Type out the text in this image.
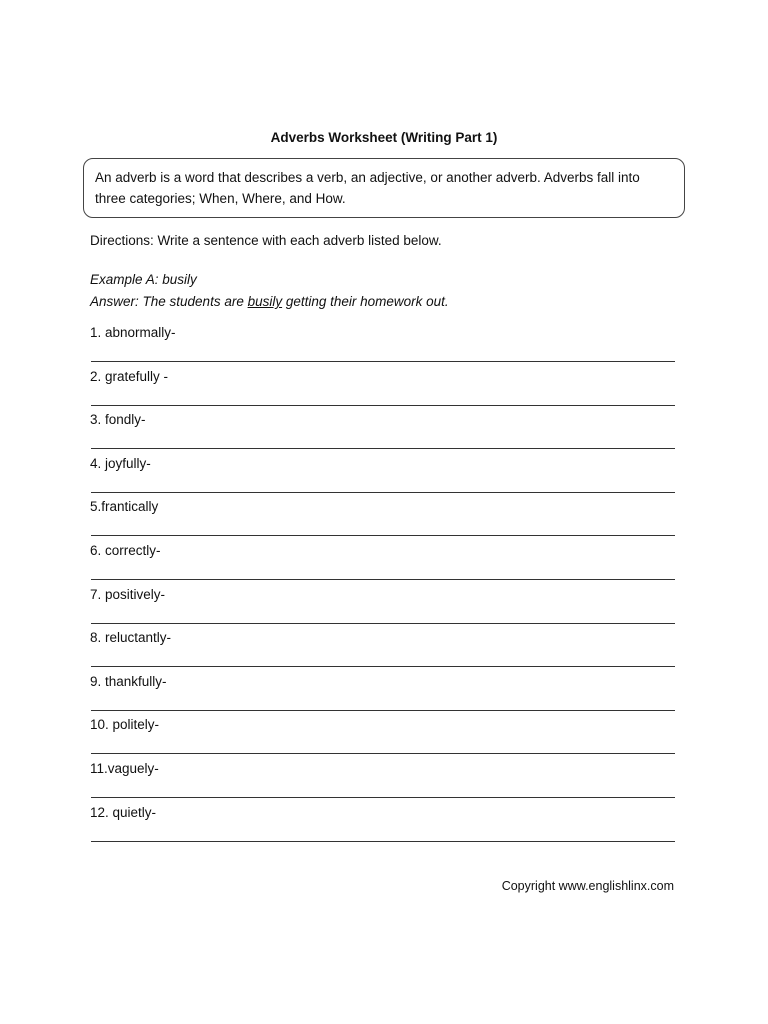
Adverbs Worksheet (Writing Part 1)
An adverb is a word that describes a verb, an adjective, or another adverb. Adverbs fall into three categories; When, Where, and How.
Directions: Write a sentence with each adverb listed below.
Example A: busily
Answer: The students are busily getting their homework out.
1. abnormally-
2. gratefully -
3. fondly-
4. joyfully-
5.frantically
6. correctly-
7. positively-
8. reluctantly-
9. thankfully-
10. politely-
11.vaguely-
12. quietly-
Copyright www.englishlinx.com
